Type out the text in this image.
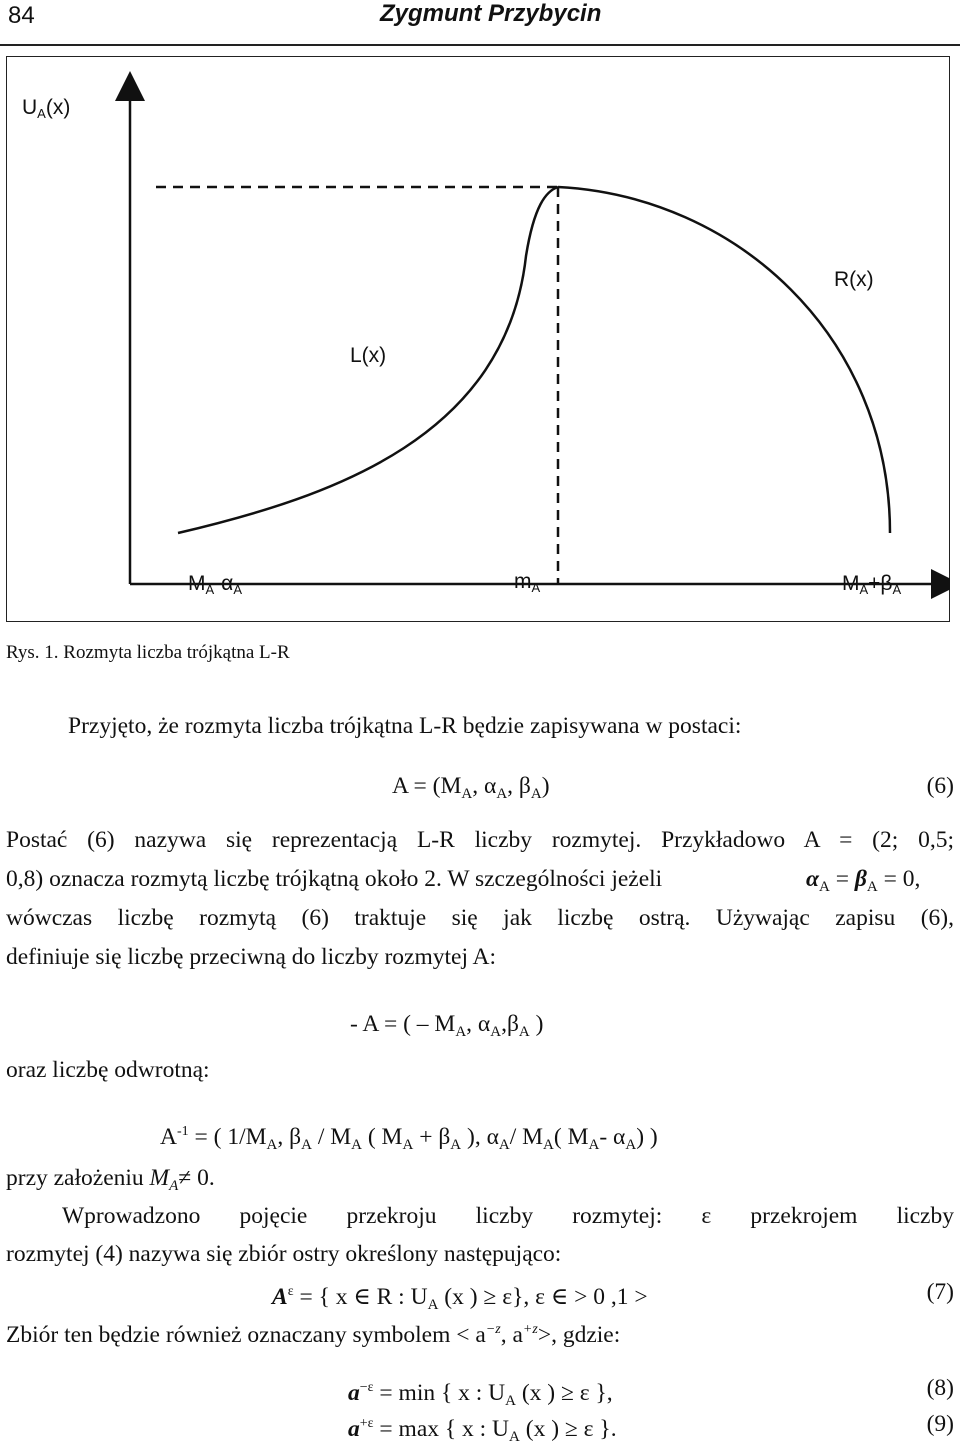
84	Zygmunt Przybycin
$U_A(x)$
L(x)
R(x)
$M_A-\alpha_A$	$m_A$	$M_A+\beta_A$
Rys. 1. Rozmyta liczba trójkątna L-R
Przyjęto, że rozmyta liczba trójkątna L-R będzie zapisywana w postaci:
$A = (M_A$, $\alpha_A$, $\beta_A$)	(6)
Postać (6) nazywa się reprezentacją L-R liczby rozmytej. Przykładowo A = (2; 0,5;
0,8) oznacza rozmytą liczbę trójkątną około 2. W szczególności jeżeli	$\alpha_A = \beta_A = 0$,
wówczas liczbę rozmytą (6) traktuje się jak liczbę ostrą. Używając zapisu (6),
definiuje się liczbę przeciwną do liczby rozmytej A:
- A = ( – $M_A$, $\alpha_A,\beta_A$ )
oraz liczbę odwrotną:
$A^{-1}$ = ( $1/M_A$, $\beta_A / M_A$ ( $M_A + \beta_A$ ), $\alpha_A/$ $M_A$( $M_A-$ $\alpha_A$) )
przy założeniu $M_A\ne 0$.
Wprowadzono pojęcie przekroju liczby rozmytej: ε przekrojem liczby
rozmytej (4) nazywa się zbiór ostry określony następująco:
$A^\varepsilon$ = { x ∈ R : $U_A$ (x ) ≥ ε}, ε ∈ > 0 ,1 >	(7)
Zbiór ten będzie również oznaczany symbolem < $a^{-z}$, $a^{+z}>$, gdzie:
$a^{-\varepsilon} = \min$ { x : $U_A$ (x ) ≥ ε },	(8)
$a^{+\varepsilon} = \max$ { x : $U_A$ (x ) ≥ ε }.	(9)
